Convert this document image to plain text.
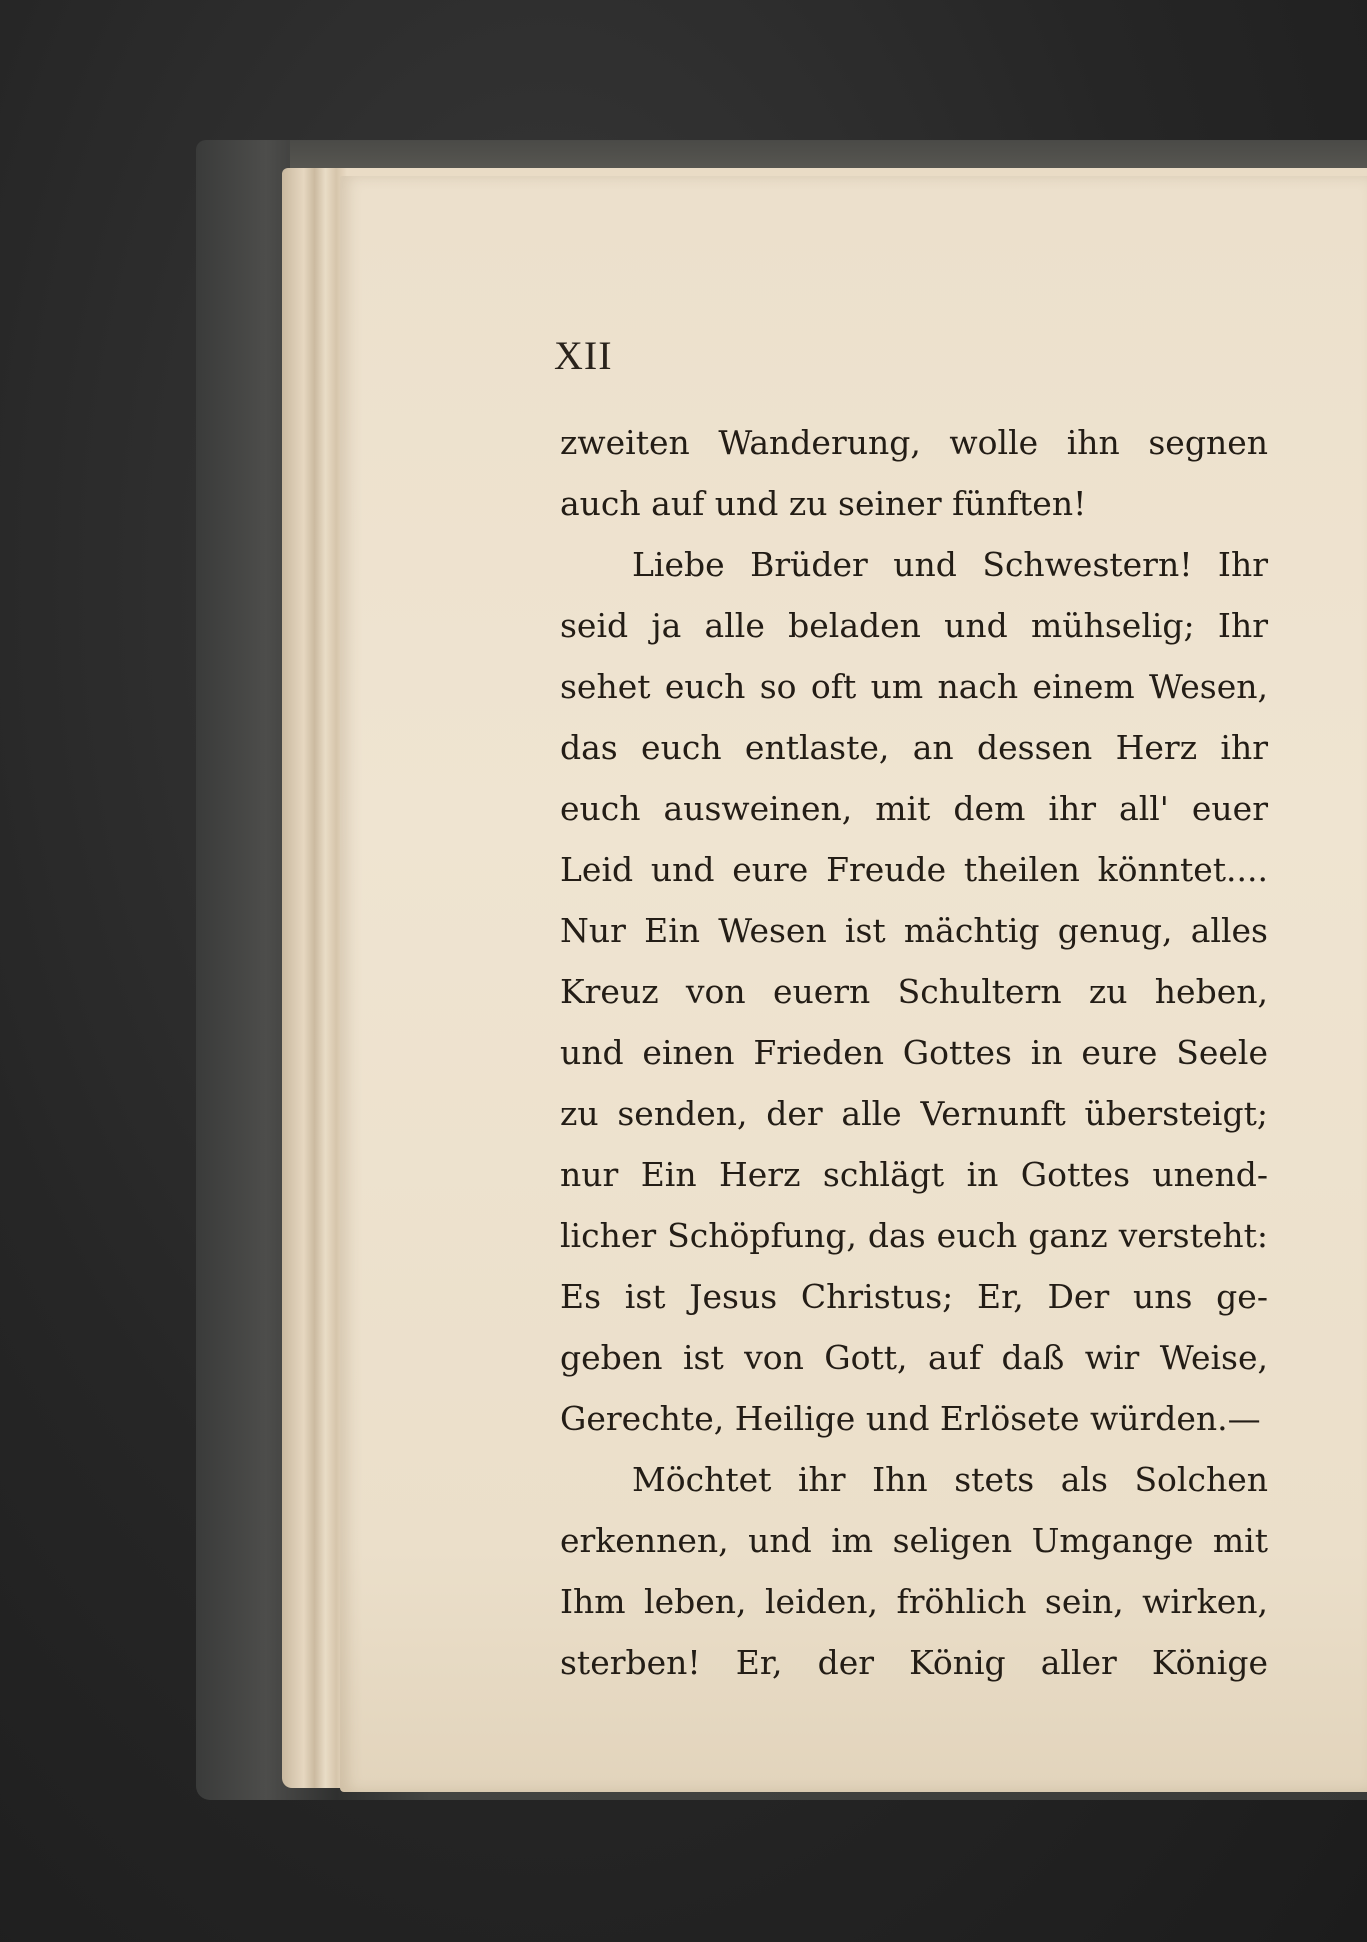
XII
zweiten Wanderung, wolle ihn segnen
auch auf und zu seiner fünften!
Liebe Brüder und Schwestern! Ihr
seid ja alle beladen und mühselig; Ihr
sehet euch so oft um nach einem Wesen,
das euch entlaste, an dessen Herz ihr
euch ausweinen, mit dem ihr all' euer
Leid und eure Freude theilen könntet....
Nur Ein Wesen ist mächtig genug, alles
Kreuz von euern Schultern zu heben,
und einen Frieden Gottes in eure Seele
zu senden, der alle Vernunft übersteigt;
nur Ein Herz schlägt in Gottes unend-
licher Schöpfung, das euch ganz versteht:
Es ist Jesus Christus; Er, Der uns ge-
geben ist von Gott, auf daß wir Weise,
Gerechte, Heilige und Erlösete würden.—
Möchtet ihr Ihn stets als Solchen
erkennen, und im seligen Umgange mit
Ihm leben, leiden, fröhlich sein, wirken,
sterben! Er, der König aller Könige
